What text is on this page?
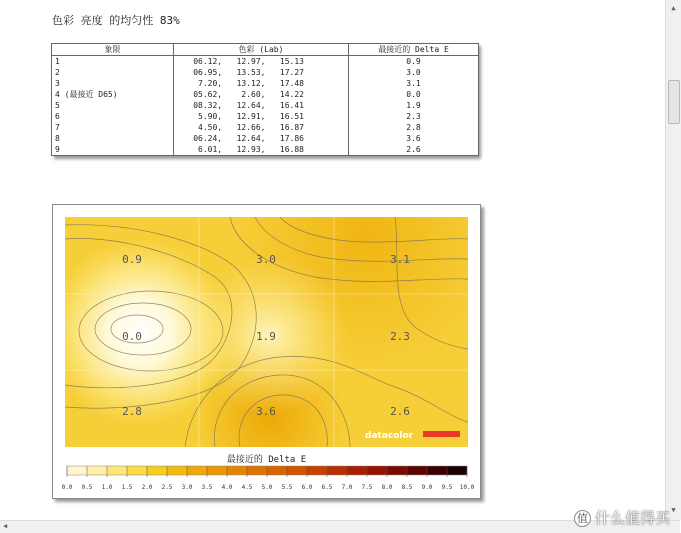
色彩 亮度 的均匀性 83%
象限	色彩 (Lab)	最接近的 Delta E
1	06.12,   12.97,   15.13	0.9
2	06.95,   13.53,   17.27	3.0
3	7.20,   13.12,   17.48	3.1
4 (最接近 D65)	05.62,    2.60,   14.22	0.0
5	08.32,   12.64,   16.41	1.9
6	5.90,   12.91,   16.51	2.3
7	4.50,   12.66,   16.87	2.8
8	06.24,   12.64,   17.86	3.6
9	6.01,   12.93,   16.88	2.6
0.9	3.0	3.1
0.0	1.9	2.3
2.8	3.6	2.6
datacolor
最接近的 Delta E
0.0 0.5 1.0 1.5 2.0 2.5 3.0 3.5 4.0 4.5 5.0 5.5 6.0 6.5 7.0 7.5 8.0 8.5 9.0 9.5 10.0
▲
▼
◀
值 什么值得买
